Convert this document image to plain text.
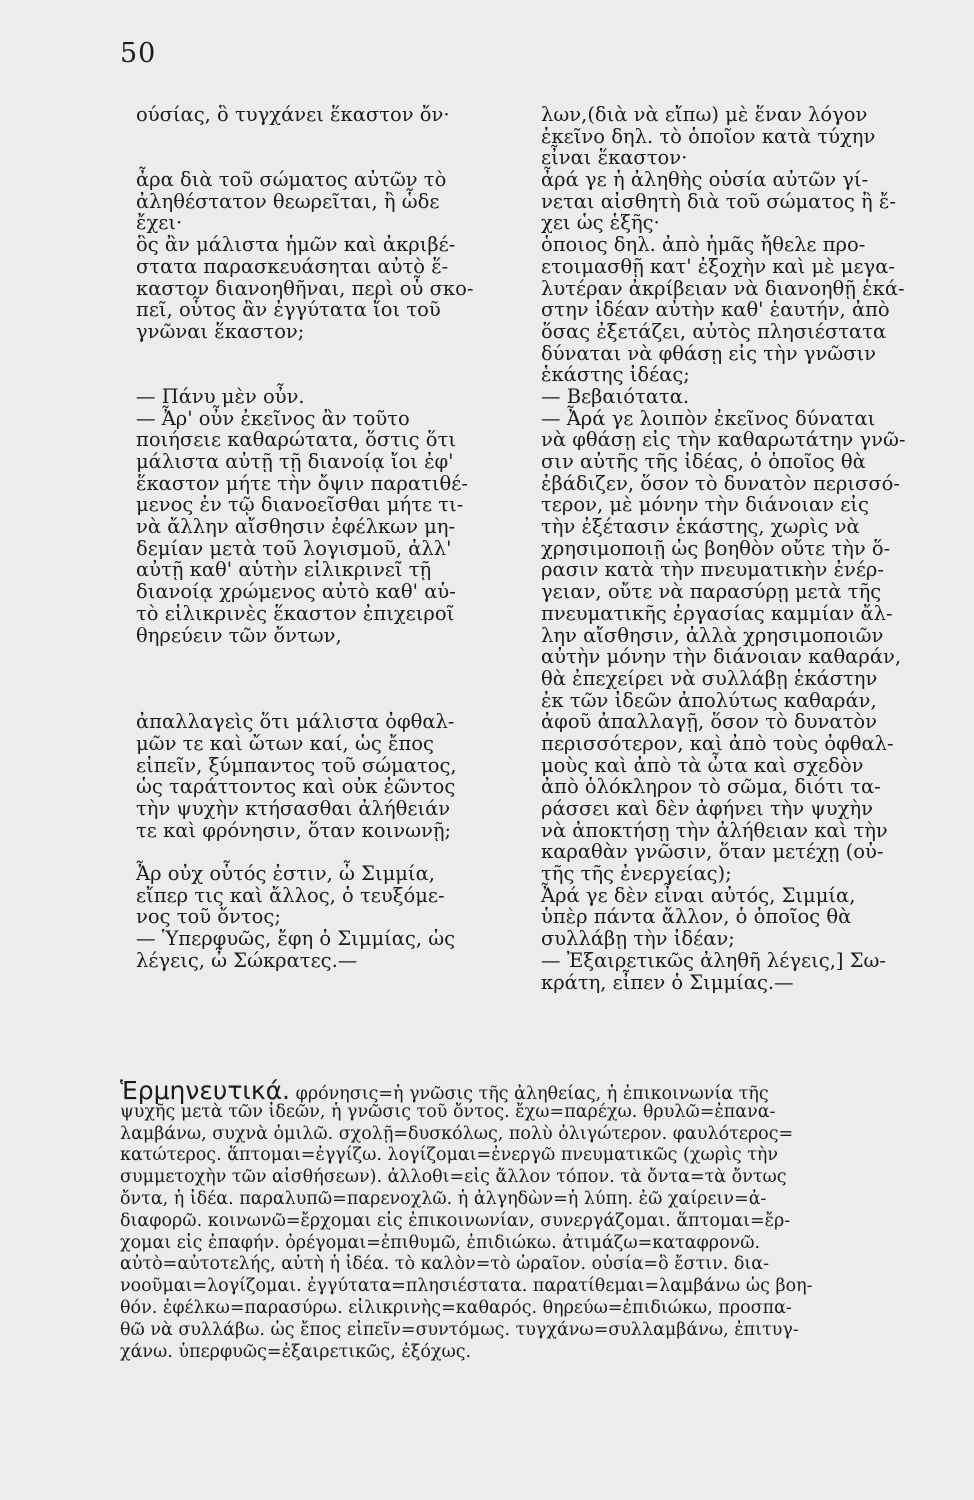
50
ούσίας, ὃ τυγχάνει ἕκαστον ὄν·
ἆρα διὰ τοῦ σώματος αὐτῶν τὸ
ἀληθέστατον θεωρεῖται, ἢ ὧδε
ἔχει·
ὃς ἂν μάλιστα ἡμῶν καὶ ἀκριβέ-
στατα παρασκευάσηται αὐτὸ ἕ-
καστον διανοηθῆναι, περὶ οὗ σκο-
πεῖ, οὗτος ἂν ἐγγύτατα ἴοι τοῦ
γνῶναι ἕκαστον;
— Πάνυ μὲν οὖν.
— Ἆρ' οὖν ἐκεῖνος ἂν τοῦτο
ποιήσειε καθαρώτατα, ὅστις ὅτι
μάλιστα αὐτῇ τῇ διανοίᾳ ἴοι ἐφ'
ἕκαστον μήτε τὴν ὄψιν παρατιθέ-
μενος ἐν τῷ διανοεῖσθαι μήτε τι-
νὰ ἄλλην αἴσθησιν ἐφέλκων μη-
δεμίαν μετὰ τοῦ λογισμοῦ, ἀλλ'
αὐτῇ καθ' αὑτὴν εἰλικρινεῖ τῇ
διανοίᾳ χρώμενος αὐτὸ καθ' αὑ-
τὸ εἰλικρινὲς ἕκαστον ἐπιχειροῖ
θηρεύειν τῶν ὄντων,
ἀπαλλαγεὶς ὅτι μάλιστα ὀφθαλ-
μῶν τε καὶ ὤτων καί, ὡς ἔπος
εἰπεῖν, ξύμπαντος τοῦ σώματος,
ὡς ταράττοντος καὶ οὐκ ἐῶντος
τὴν ψυχὴν κτήσασθαι ἀλήθειάν
τε καὶ φρόνησιν, ὅταν κοινωνῇ;
Ἆρ οὐχ οὗτός ἐστιν, ὦ Σιμμία,
εἴπερ τις καὶ ἄλλος, ὁ τευξόμε-
νος τοῦ ὄντος;
— Ὑπερφυῶς, ἔφη ὁ Σιμμίας, ὡς
λέγεις, ὦ Σώκρατες.—
λων,(διὰ νὰ εἴπω) μὲ ἕναν λόγον
ἐκεῖνο δηλ. τὸ ὁποῖον κατὰ τύχην
εἶναι ἕκαστον·
ἆρά γε ἡ ἀληθὴς οὐσία αὐτῶν γί-
νεται αἰσθητὴ διὰ τοῦ σώματος ἢ ἔ-
χει ὡς ἑξῆς·
ὁποιος δηλ. ἀπὸ ἡμᾶς ἤθελε προ-
ετοιμασθῇ κατ' ἐξοχὴν καὶ μὲ μεγα-
λυτέραν ἀκρίβειαν νὰ διανοηθῇ ἑκά-
στην ἰδέαν αὐτὴν καθ' ἑαυτήν, ἀπὸ
ὅσας ἐξετάζει, αὐτὸς πλησιέστατα
δύναται νὰ φθάσῃ εἰς τὴν γνῶσιν
ἑκάστης ἰδέας;
— Βεβαιότατα.
— Ἆρά γε λοιπὸν ἐκεῖνος δύναται
νὰ φθάσῃ εἰς τὴν καθαρωτάτην γνῶ-
σιν αὐτῆς τῆς ἰδέας, ὁ ὁποῖος θὰ
ἐβάδιζεν, ὅσον τὸ δυνατὸν περισσό-
τερον, μὲ μόνην τὴν διάνοιαν εἰς
τὴν ἐξέτασιν ἑκάστης, χωρὶς νὰ
χρησιμοποιῇ ὡς βοηθὸν οὔτε τὴν ὅ-
ρασιν κατὰ τὴν πνευματικὴν ἐνέρ-
γειαν, οὔτε νὰ παρασύρῃ μετὰ τῆς
πνευματικῆς ἐργασίας καμμίαν ἄλ-
λην αἴσθησιν, ἀλλὰ χρησιμοποιῶν
αὐτὴν μόνην τὴν διάνοιαν καθαράν,
θὰ ἐπεχείρει νὰ συλλάβῃ ἑκάστην
ἐκ τῶν ἰδεῶν ἀπολύτως καθαράν,
ἀφοῦ ἀπαλλαγῇ, ὅσον τὸ δυνατὸν
περισσότερον, καὶ ἀπὸ τοὺς ὀφθαλ-
μοὺς καὶ ἀπὸ τὰ ὦτα καὶ σχεδὸν
ἀπὸ ὁλόκληρον τὸ σῶμα, διότι τα-
ράσσει καὶ δὲν ἀφήνει τὴν ψυχὴν
νὰ ἀποκτήσῃ τὴν ἀλήθειαν καὶ τὴν
καραθὰν γνῶσιν, ὅταν μετέχῃ (οὐ-
τῆς τῆς ἐνεργείας);
Ἆρά γε δὲν εἶναι αὐτός, Σιμμία,
ὑπὲρ πάντα ἄλλον, ὁ ὁποῖος θὰ
συλλάβῃ τὴν ἰδέαν;
— Ἐξαιρετικῶς ἀληθῆ λέγεις,] Σω-
κράτη, εἶπεν ὁ Σιμμίας.—
Ἑρμηνευτικά. φρόνησις=ἡ γνῶσις τῆς ἀληθείας, ἡ ἐπικοινωνία τῆς
ψυχῆς μετὰ τῶν ἰδεῶν, ἡ γνῶσις τοῦ ὄντος. ἔχω=παρέχω. θρυλῶ=ἐπανα-
λαμβάνω, συχνὰ ὁμιλῶ. σχολῇ=δυσκόλως, πολὺ ὀλιγώτερον. φαυλότερος=
κατώτερος. ἅπτομαι=ἐγγίζω. λογίζομαι=ἐνεργῶ πνευματικῶς (χωρὶς τὴν
συμμετοχὴν τῶν αἰσθήσεων). ἀλλοθι=εἰς ἄλλον τόπον. τὰ ὄντα=τὰ ὄντως
ὄντα, ἡ ἰδέα. παραλυπῶ=παρενοχλῶ. ἡ ἀλγηδὼν=ἡ λύπη. ἐῶ χαίρειν=ἀ-
διαφορῶ. κοινωνῶ=ἔρχομαι εἰς ἐπικοινωνίαν, συνεργάζομαι. ἅπτομαι=ἔρ-
χομαι εἰς ἐπαφήν. ὀρέγομαι=ἐπιθυμῶ, ἐπιδιώκω. ἀτιμάζω=καταφρονῶ.
αὐτὸ=αὐτοτελής, αὐτὴ ἡ ἰδέα. τὸ καλὸν=τὸ ὡραῖον. οὐσία=ὃ ἔστιν. δια-
νοοῦμαι=λογίζομαι. ἐγγύτατα=πλησιέστατα. παρατίθεμαι=λαμβάνω ὡς βοη-
θόν. ἐφέλκω=παρασύρω. εἰλικρινὴς=καθαρός. θηρεύω=ἐπιδιώκω, προσπα-
θῶ νὰ συλλάβω. ὡς ἔπος εἰπεῖν=συντόμως. τυγχάνω=συλλαμβάνω, ἐπιτυγ-
χάνω. ὑπερφυῶς=ἐξαιρετικῶς, ἐξόχως.
